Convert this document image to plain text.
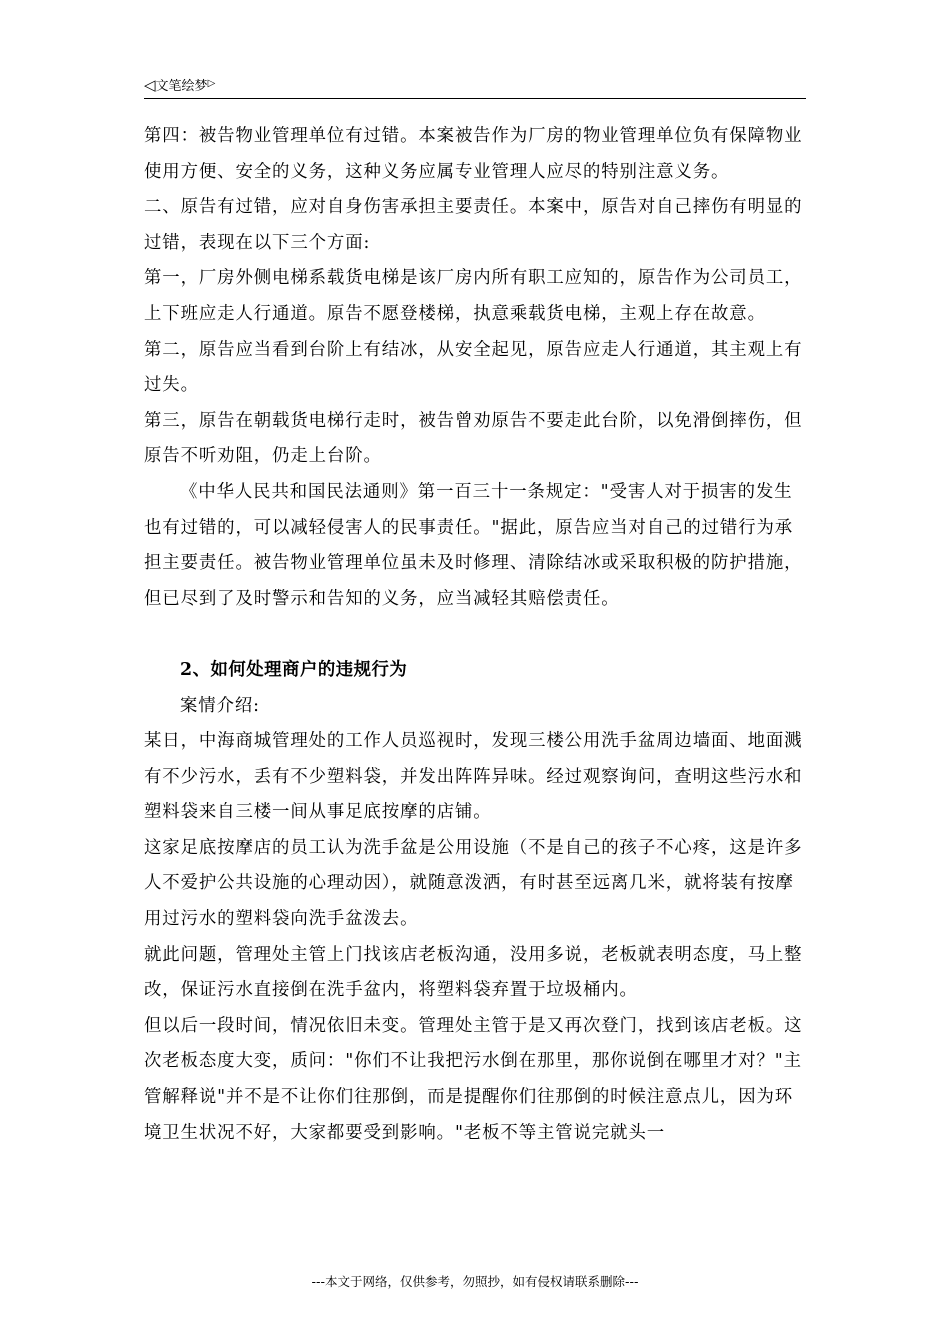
◁文笔绘梦▷

第四：被告物业管理单位有过错。本案被告作为厂房的物业管理单位负有保障物业使用方便、安全的义务，这种义务应属专业管理人应尽的特别注意义务。

二、原告有过错，应对自身伤害承担主要责任。本案中，原告对自己摔伤有明显的过错，表现在以下三个方面:

第一，厂房外侧电梯系载货电梯是该厂房内所有职工应知的，原告作为公司员工，上下班应走人行通道。原告不愿登楼梯，执意乘载货电梯，主观上存在故意。

第二，原告应当看到台阶上有结冰，从安全起见，原告应走人行通道，其主观上有过失。

第三，原告在朝载货电梯行走时，被告曾劝原告不要走此台阶，以免滑倒摔伤，但原告不听劝阻，仍走上台阶。

《中华人民共和国民法通则》第一百三十一条规定："受害人对于损害的发生也有过错的，可以减轻侵害人的民事责任。"据此，原告应当对自己的过错行为承担主要责任。被告物业管理单位虽未及时修理、清除结冰或采取积极的防护措施，但已尽到了及时警示和告知的义务，应当减轻其赔偿责任。

2、如何处理商户的违规行为

案情介绍:

某日，中海商城管理处的工作人员巡视时，发现三楼公用洗手盆周边墙面、地面溅有不少污水，丢有不少塑料袋，并发出阵阵异味。经过观察询问，查明这些污水和塑料袋来自三楼一间从事足底按摩的店铺。

这家足底按摩店的员工认为洗手盆是公用设施（不是自己的孩子不心疼，这是许多人不爱护公共设施的心理动因），就随意泼洒，有时甚至远离几米，就将装有按摩用过污水的塑料袋向洗手盆泼去。

就此问题，管理处主管上门找该店老板沟通，没用多说，老板就表明态度，马上整改，保证污水直接倒在洗手盆内，将塑料袋弃置于垃圾桶内。

但以后一段时间，情况依旧未变。管理处主管于是又再次登门，找到该店老板。这次老板态度大变，质问："你们不让我把污水倒在那里，那你说倒在哪里才对？"主管解释说"并不是不让你们往那倒，而是提醒你们往那倒的时候注意点儿，因为环境卫生状况不好，大家都要受到影响。"老板不等主管说完就头一

---本文于网络，仅供参考，勿照抄，如有侵权请联系删除---
